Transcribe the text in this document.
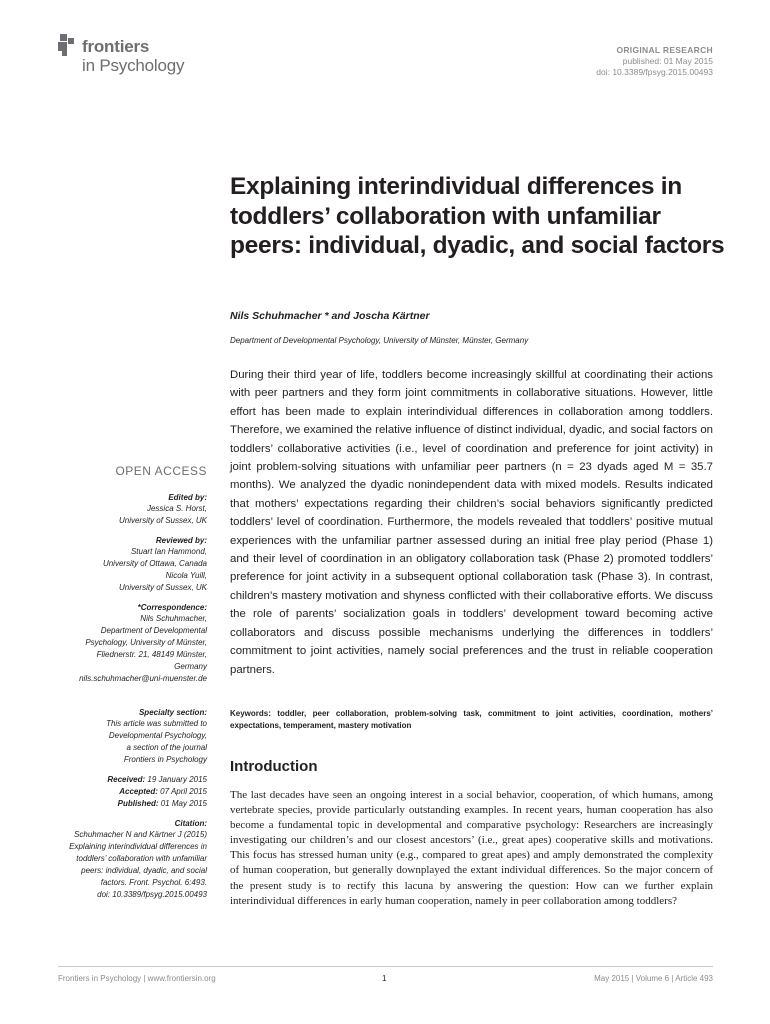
frontiers
in Psychology
ORIGINAL RESEARCH
published: 01 May 2015
doi: 10.3389/fpsyg.2015.00493
Explaining interindividual differences in toddlers’ collaboration with unfamiliar peers: individual, dyadic, and social factors
Nils Schuhmacher * and Joscha Kärtner
Department of Developmental Psychology, University of Münster, Münster, Germany
During their third year of life, toddlers become increasingly skillful at coordinating their actions with peer partners and they form joint commitments in collaborative situations. However, little effort has been made to explain interindividual differences in collaboration among toddlers. Therefore, we examined the relative influence of distinct individual, dyadic, and social factors on toddlers’ collaborative activities (i.e., level of coordination and preference for joint activity) in joint problem-solving situations with unfamiliar peer partners (n = 23 dyads aged M = 35.7 months). We analyzed the dyadic nonindependent data with mixed models. Results indicated that mothers’ expectations regarding their children’s social behaviors significantly predicted toddlers’ level of coordination. Furthermore, the models revealed that toddlers’ positive mutual experiences with the unfamiliar partner assessed during an initial free play period (Phase 1) and their level of coordination in an obligatory collaboration task (Phase 2) promoted toddlers’ preference for joint activity in a subsequent optional collaboration task (Phase 3). In contrast, children’s mastery motivation and shyness conflicted with their collaborative efforts. We discuss the role of parents’ socialization goals in toddlers’ development toward becoming active collaborators and discuss possible mechanisms underlying the differences in toddlers’ commitment to joint activities, namely social preferences and the trust in reliable cooperation partners.
Keywords: toddler, peer collaboration, problem-solving task, commitment to joint activities, coordination, mothers’ expectations, temperament, mastery motivation
Introduction
The last decades have seen an ongoing interest in a social behavior, cooperation, of which humans, among vertebrate species, provide particularly outstanding examples. In recent years, human cooperation has also become a fundamental topic in developmental and comparative psychology: Researchers are increasingly investigating our children’s and our closest ancestors’ (i.e., great apes) cooperative skills and motivations. This focus has stressed human unity (e.g., compared to great apes) and amply demonstrated the complexity of human cooperation, but generally downplayed the extant individual differences. So the major concern of the present study is to rectify this lacuna by answering the question: How can we further explain interindividual differences in early human cooperation, namely in peer collaboration among toddlers?
OPEN ACCESS
Edited by:
Jessica S. Horst,
University of Sussex, UK
Reviewed by:
Stuart Ian Hammond,
University of Ottawa, Canada
Nicola Yuill,
University of Sussex, UK
*Correspondence:
Nils Schuhmacher,
Department of Developmental
Psychology, University of Münster,
Fliednerstr. 21, 48149 Münster,
Germany
nils.schuhmacher@uni-muenster.de
Specialty section:
This article was submitted to
Developmental Psychology,
a section of the journal
Frontiers in Psychology
Received: 19 January 2015
Accepted: 07 April 2015
Published: 01 May 2015
Citation:
Schuhmacher N and Kärtner J (2015)
Explaining interindividual differences in
toddlers’ collaboration with unfamiliar
peers: individual, dyadic, and social
factors. Front. Psychol. 6:493.
doi: 10.3389/fpsyg.2015.00493
Frontiers in Psychology | www.frontiersin.org	1	May 2015 | Volume 6 | Article 493
